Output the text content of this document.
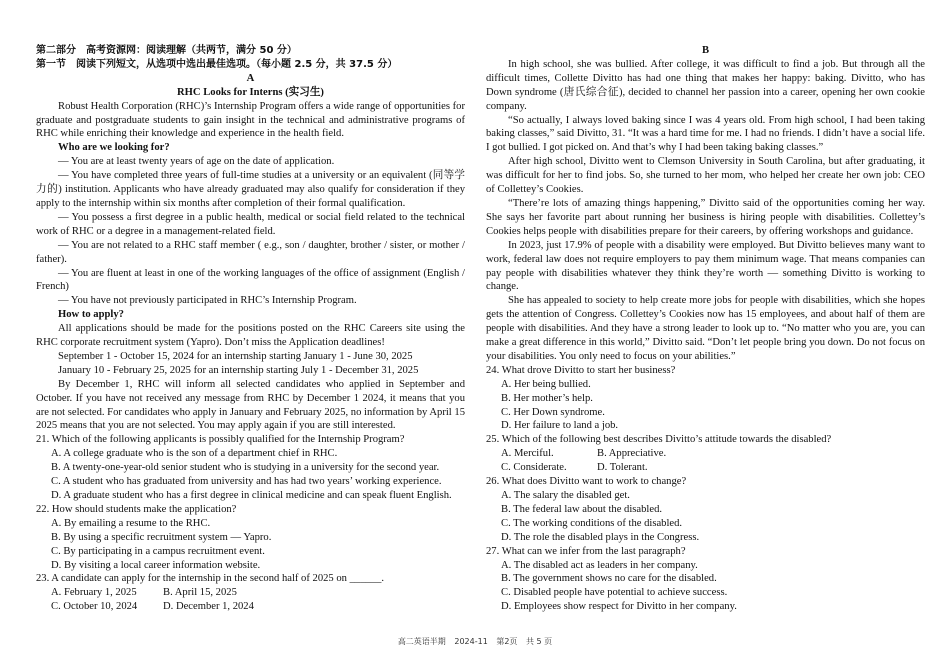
第二部分　高考资源网：阅读理解（共两节，满分 50 分）

第一节　阅读下列短文，从选项中选出最佳选项。（每小题 2.5 分，共 37.5 分）

A

RHC Looks for Interns (实习生)

Robust Health Corporation (RHC)’s Internship Program offers a wide range of opportunities for graduate and postgraduate students to gain insight in the technical and administrative programs of RHC while enriching their knowledge and experience in the health field.

Who are we looking for?

— You are at least twenty years of age on the date of application.

— You have completed three years of full-time studies at a university or an equivalent (同等学力的) institution. Applicants who have already graduated may also qualify for consideration if they apply to the internship within six months after completion of their formal qualification.

— You possess a first degree in a public health, medical or social field related to the technical work of RHC or a degree in a management-related field.

— You are not related to a RHC staff member ( e.g., son / daughter, brother / sister, or mother / father).

— You are fluent at least in one of the working languages of the office of assignment (English / French)

— You have not previously participated in RHC’s Internship Program.

How to apply?

All applications should be made for the positions posted on the RHC Careers site using the RHC corporate recruitment system (Yapro). Don’t miss the Application deadlines!

September 1 - October 15, 2024 for an internship starting January 1 - June 30, 2025

January 10 - February 25, 2025 for an internship starting July 1 - December 31, 2025

By December 1, RHC will inform all selected candidates who applied in September and October. If you have not received any message from RHC by December 1 2024, it means that you are not selected. For candidates who apply in January and February 2025, no information by April 15 2025 means that you are not selected. You may apply again if you are still interested.

21. Which of the following applicants is possibly qualified for the Internship Program?

A. A college graduate who is the son of a department chief in RHC.

B. A twenty-one-year-old senior student who is studying in a university for the second year.

C. A student who has graduated from university and has had two years’ working experience.

D. A graduate student who has a first degree in clinical medicine and can speak fluent English.

22. How should students make the application?

A. By emailing a resume to the RHC.

B. By using a specific recruitment system — Yapro.

C. By participating in a campus recruitment event.

D. By visiting a local career information website.

23. A candidate can apply for the internship in the second half of 2025 on ______.

A. February 1, 2025	B. April 15, 2025
C. October 10, 2024	D. December 1, 2024

B

In high school, she was bullied. After college, it was difficult to find a job. But through all the difficult times, Collette Divitto has had one thing that makes her happy: baking. Divitto, who has Down syndrome (唐氏综合征), decided to channel her passion into a career, opening her own cookie company.

“So actually, I always loved baking since I was 4 years old. From high school, I had been taking baking classes,” said Divitto, 31. “It was a hard time for me. I had no friends. I didn’t have a social life. I got bullied. I got picked on. And that’s why I had been taking baking classes.”

After high school, Divitto went to Clemson University in South Carolina, but after graduating, it was difficult for her to find jobs. So, she turned to her mom, who helped her create her own job: CEO of Collettey’s Cookies.

“There’re lots of amazing things happening,” Divitto said of the opportunities coming her way. She says her favorite part about running her business is hiring people with disabilities. Collettey’s Cookies helps people with disabilities prepare for their careers, by offering workshops and guidance.

In 2023, just 17.9% of people with a disability were employed. But Divitto believes many want to work, federal law does not require employers to pay them minimum wage. That means companies can pay people with disabilities whatever they think they’re worth — something Divitto is working to change.

She has appealed to society to help create more jobs for people with disabilities, which she hopes gets the attention of Congress. Collettey’s Cookies now has 15 employees, and about half of them are people with disabilities. And they have a strong leader to look up to. “No matter who you are, you can make a great difference in this world,” Divitto said. “Don’t let people bring you down. Do not focus on your disabilities. You only need to focus on your abilities.”

24. What drove Divitto to start her business?

A. Her being bullied.

B. Her mother’s help.

C. Her Down syndrome.

D. Her failure to land a job.

25. Which of the following best describes Divitto’s attitude towards the disabled?

A. Merciful.	B. Appreciative.
C. Considerate.	D. Tolerant.

26. What does Divitto want to work to change?

A. The salary the disabled get.

B. The federal law about the disabled.

C. The working conditions of the disabled.

D. The role the disabled plays in the Congress.

27. What can we infer from the last paragraph?

A. The disabled act as leaders in her company.

B. The government shows no care for the disabled.

C. Disabled people have potential to achieve success.

D. Employees show respect for Divitto in her company.

高二英语半期 2024-11 第2页 共 5 页
